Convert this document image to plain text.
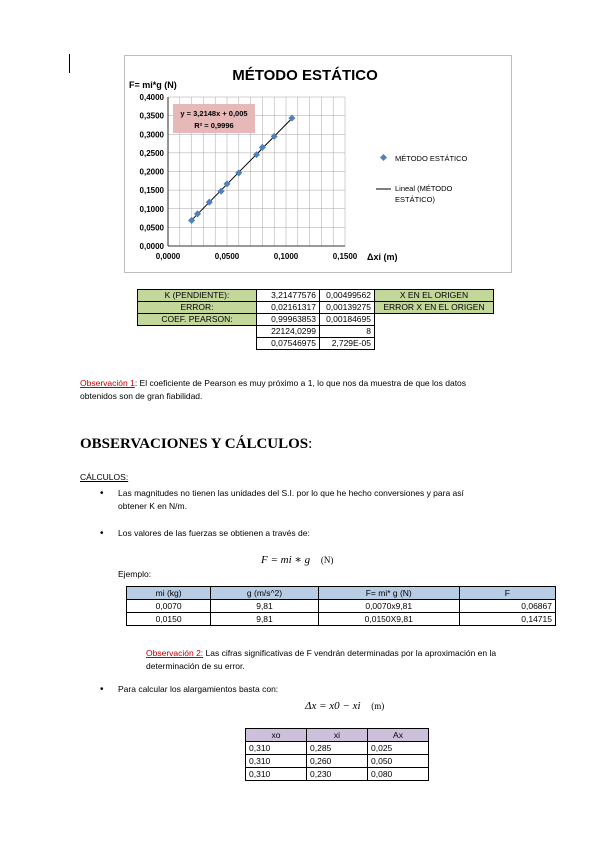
MÉTODO ESTÁTICO
F= mi*g (N)
0,0000
0,0500
0,1000
0,1500
0,2000
0,2500
0,3000
0,3500
0,4000
0,0000	0,0500	0,1000	0,1500
y = 3,2148x + 0,005
R² = 0,9996
Δxi (m)
MÉTODO ESTÁTICO
Lineal (MÉTODO
ESTÁTICO)
K (PENDIENTE):	3,21477576	0,00499562	X EN EL ORIGEN
ERROR:	0,02161317	0,00139275	ERROR X EN EL ORIGEN
COEF. PEARSON:	0,99963853	0,00184695	
	22124,0299	8	
	0,07546975	2,729E-05	
Observación 1: El coeficiente de Pearson es muy próximo a 1, lo que nos da muestra de que los datos
obtenidos son de gran fiabilidad.
OBSERVACIONES Y CÁLCULOS:
CÁLCULOS:
• Las magnitudes no tienen las unidades del S.I. por lo que he hecho conversiones y para así
obtener K en N/m.
• Los valores de las fuerzas se obtienen a través de:
F = mi ∗ g (N)
Ejemplo:
mi (kg)	g (m/s^2)	F= mi* g (N)	F
0,0070	9,81	0,0070x9,81	0,06867
0,0150	9,81	0,0150X9,81	0,14715
Observación 2: Las cifras significativas de F vendrán determinadas por la aproximación en la
determinación de su error.
• Para calcular los alargamientos basta con:
Δx = x0 − xi (m)
xo	xi	Ax
0,310	0,285	0,025
0,310	0,260	0,050
0,310	0,230	0,080
